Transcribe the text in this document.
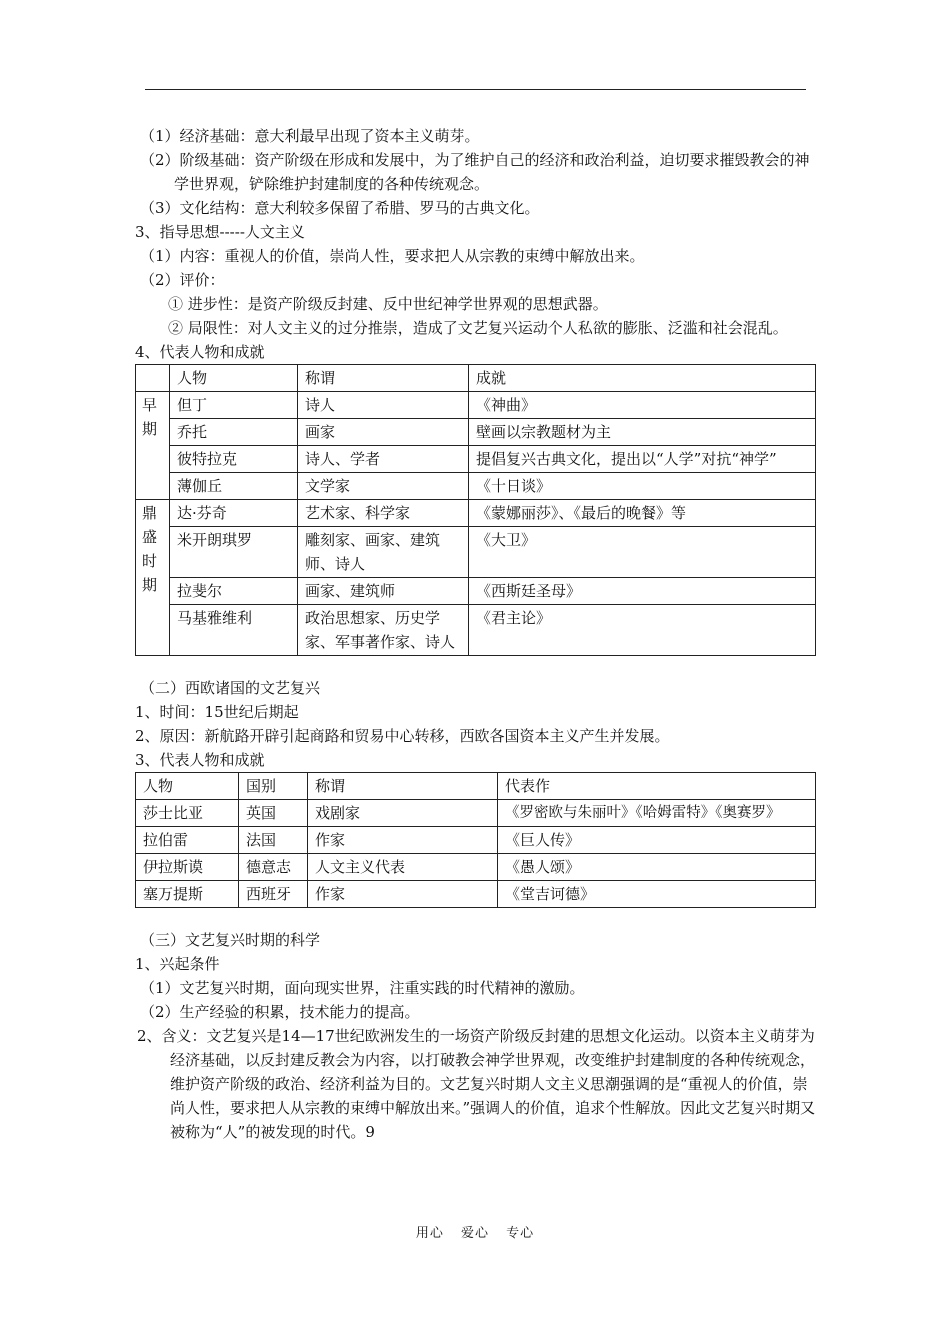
（1）经济基础：意大利最早出现了资本主义萌芽。

（2）阶级基础：资产阶级在形成和发展中，为了维护自己的经济和政治利益，迫切要求摧毁教会的神学世界观，铲除维护封建制度的各种传统观念。

（3）文化结构：意大利较多保留了希腊、罗马的古典文化。

3、指导思想-----人文主义

（1）内容：重视人的价值，崇尚人性，要求把人从宗教的束缚中解放出来。

（2）评价：

① 进步性：是资产阶级反封建、反中世纪神学世界观的思想武器。

② 局限性：对人文主义的过分推崇，造成了文艺复兴运动个人私欲的膨胀、泛滥和社会混乱。

4、代表人物和成就

	人物	称谓	成就
早期	但丁	诗人	《神曲》
	乔托	画家	壁画以宗教题材为主
	彼特拉克	诗人、学者	提倡复兴古典文化，提出以“人学”对抗“神学”
	薄伽丘	文学家	《十日谈》
鼎盛时期	达·芬奇	艺术家、科学家	《蒙娜丽莎》、《最后的晚餐》等
	米开朗琪罗	雕刻家、画家、建筑师、诗人	《大卫》
	拉斐尔	画家、建筑师	《西斯廷圣母》
	马基雅维利	政治思想家、历史学家、军事著作家、诗人	《君主论》

（二）西欧诸国的文艺复兴

1、时间：15世纪后期起

2、原因：新航路开辟引起商路和贸易中心转移，西欧各国资本主义产生并发展。

3、代表人物和成就

人物	国别	称谓	代表作
莎士比亚	英国	戏剧家	《罗密欧与朱丽叶》《哈姆雷特》《奥赛罗》
拉伯雷	法国	作家	《巨人传》
伊拉斯谟	德意志	人文主义代表	《愚人颂》
塞万提斯	西班牙	作家	《堂吉诃德》

（三）文艺复兴时期的科学

1、兴起条件

（1）文艺复兴时期，面向现实世界，注重实践的时代精神的激励。

（2）生产经验的积累，技术能力的提高。

2、含义：文艺复兴是14—17世纪欧洲发生的一场资产阶级反封建的思想文化运动。以资本主义萌芽为经济基础，以反封建反教会为内容，以打破教会神学世界观，改变维护封建制度的各种传统观念，维护资产阶级的政治、经济利益为目的。文艺复兴时期人文主义思潮强调的是“重视人的价值，崇尚人性，要求把人从宗教的束缚中解放出来。”强调人的价值，追求个性解放。因此文艺复兴时期又被称为“人”的被发现的时代。9

用心 爱心 专心
